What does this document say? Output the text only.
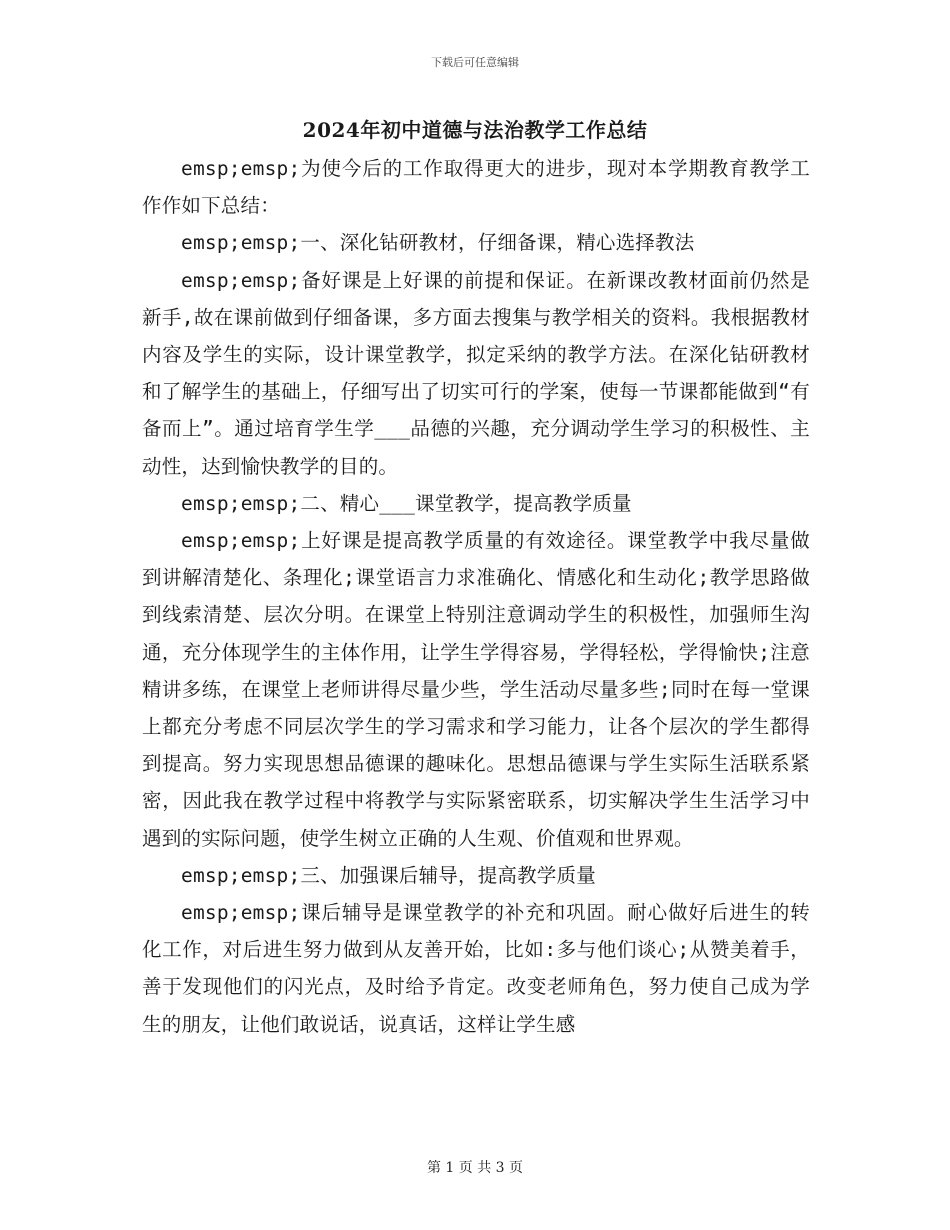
下载后可任意编辑
2024年初中道德与法治教学工作总结

emsp;emsp;为使今后的工作取得更大的进步，现对本学期教育教学工作作如下总结：

emsp;emsp;一、深化钻研教材，仔细备课，精心选择教法

emsp;emsp;备好课是上好课的前提和保证。在新课改教材面前仍然是新手,故在课前做到仔细备课，多方面去搜集与教学相关的资料。我根据教材内容及学生的实际，设计课堂教学，拟定采纳的教学方法。在深化钻研教材和了解学生的基础上，仔细写出了切实可行的学案，使每一节课都能做到“有备而上”。通过培育学生学___品德的兴趣，充分调动学生学习的积极性、主动性，达到愉快教学的目的。

emsp;emsp;二、精心___课堂教学，提高教学质量

emsp;emsp;上好课是提高教学质量的有效途径。课堂教学中我尽量做到讲解清楚化、条理化;课堂语言力求准确化、情感化和生动化;教学思路做到线索清楚、层次分明。在课堂上特别注意调动学生的积极性，加强师生沟通，充分体现学生的主体作用，让学生学得容易，学得轻松，学得愉快;注意精讲多练，在课堂上老师讲得尽量少些，学生活动尽量多些;同时在每一堂课上都充分考虑不同层次学生的学习需求和学习能力，让各个层次的学生都得到提高。努力实现思想品德课的趣味化。思想品德课与学生实际生活联系紧密，因此我在教学过程中将教学与实际紧密联系，切实解决学生生活学习中遇到的实际问题，使学生树立正确的人生观、价值观和世界观。

emsp;emsp;三、加强课后辅导，提高教学质量

emsp;emsp;课后辅导是课堂教学的补充和巩固。耐心做好后进生的转化工作，对后进生努力做到从友善开始，比如:多与他们谈心;从赞美着手，善于发现他们的闪光点，及时给予肯定。改变老师角色，努力使自己成为学生的朋友，让他们敢说话，说真话，这样让学生感

第 1 页 共 3 页
